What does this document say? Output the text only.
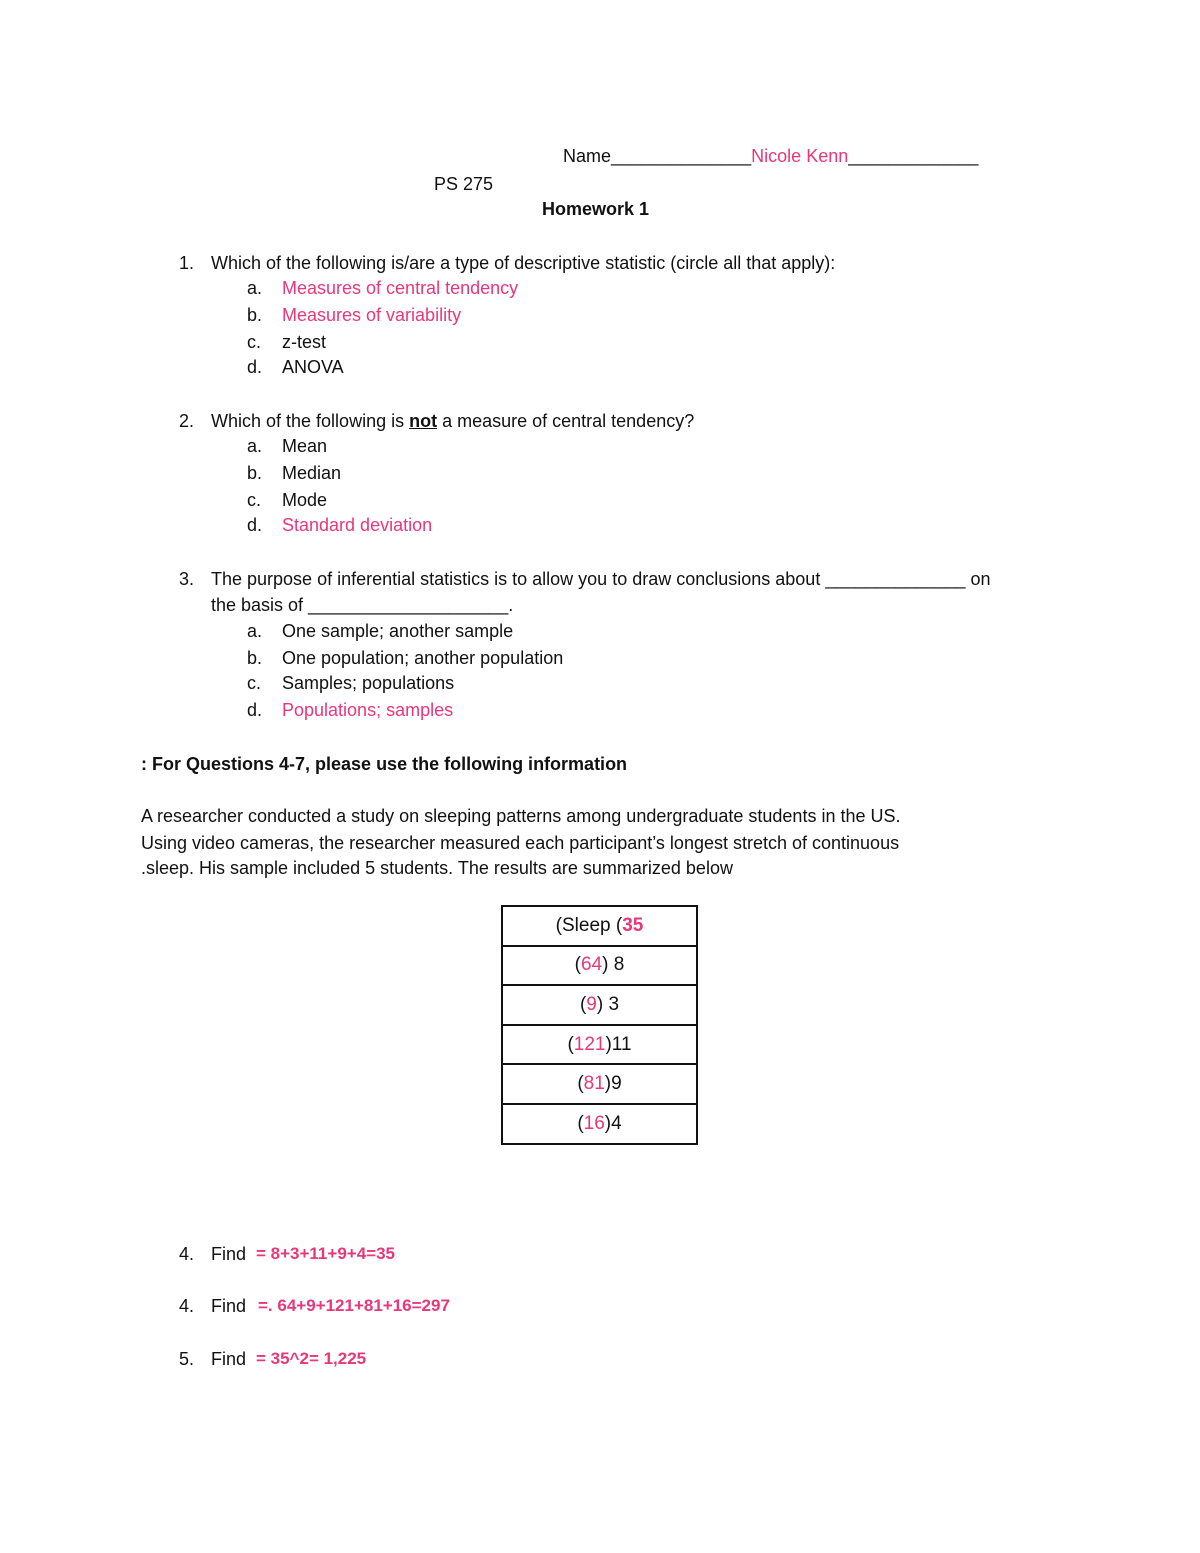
Name______________Nicole Kenn_____________
PS 275
Homework 1
1. Which of the following is/are a type of descriptive statistic (circle all that apply):
a.	Measures of central tendency
b.	Measures of variability
c.	z-test
d.	ANOVA
2. Which of the following is not a measure of central tendency?
a.	Mean
b.	Median
c.	Mode
d.	Standard deviation
3. The purpose of inferential statistics is to allow you to draw conclusions about ______________ on
the basis of ____________________.
a.	One sample; another sample
b.	One population; another population
c.	Samples; populations
d.	Populations; samples
: For Questions 4-7, please use the following information
A researcher conducted a study on sleeping patterns among undergraduate students in the US.
Using video cameras, the researcher measured each participant’s longest stretch of continuous
.sleep. His sample included 5 students. The results are summarized below
(Sleep (35
(64) 8
(9) 3
(121)11
(81)9
(16)4
4. Find = 8+3+11+9+4=35
4. Find =. 64+9+121+81+16=297
5. Find = 35^2= 1,225
